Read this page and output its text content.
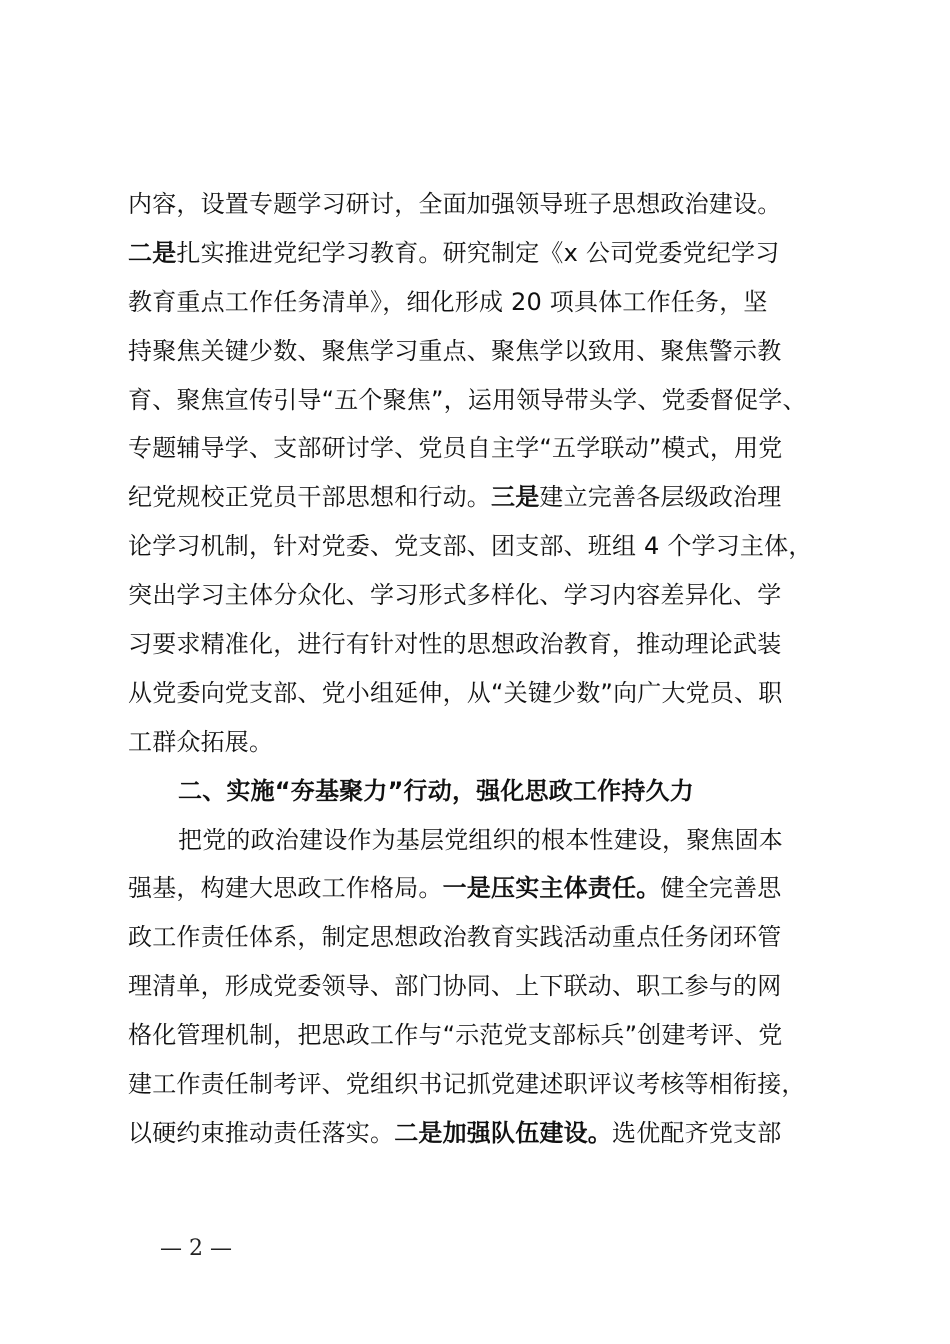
内容，设置专题学习研讨，全面加强领导班子思想政治建设。
二是扎实推进党纪学习教育。研究制定《x 公司党委党纪学习
教育重点工作任务清单》，细化形成 20 项具体工作任务，坚
持聚焦关键少数、聚焦学习重点、聚焦学以致用、聚焦警示教
育、聚焦宣传引导“五个聚焦”，运用领导带头学、党委督促学、
专题辅导学、支部研讨学、党员自主学“五学联动”模式，用党
纪党规校正党员干部思想和行动。三是建立完善各层级政治理
论学习机制，针对党委、党支部、团支部、班组 4 个学习主体，
突出学习主体分众化、学习形式多样化、学习内容差异化、学
习要求精准化，进行有针对性的思想政治教育，推动理论武装
从党委向党支部、党小组延伸，从“关键少数”向广大党员、职
工群众拓展。
二、实施“夯基聚力”行动，强化思政工作持久力
把党的政治建设作为基层党组织的根本性建设，聚焦固本
强基，构建大思政工作格局。一是压实主体责任。健全完善思
政工作责任体系，制定思想政治教育实践活动重点任务闭环管
理清单，形成党委领导、部门协同、上下联动、职工参与的网
格化管理机制，把思政工作与“示范党支部标兵”创建考评、党
建工作责任制考评、党组织书记抓党建述职评议考核等相衔接，
以硬约束推动责任落实。二是加强队伍建设。选优配齐党支部
— 2 —
